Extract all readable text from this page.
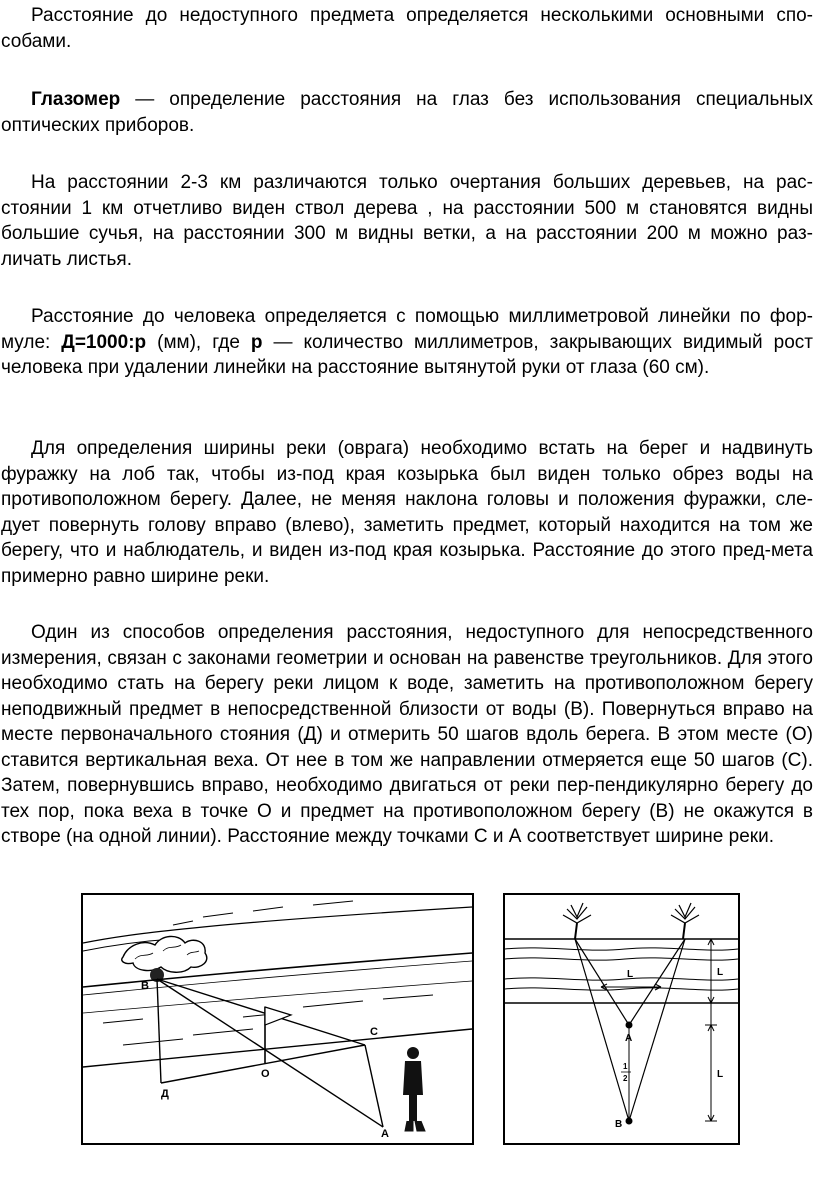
Расстояние до недоступного предмета определяется несколькими основными спо-собами.

Глазомер — определение расстояния на глаз без использования специальных оптических приборов.

На расстоянии 2-3 км различаются только очертания больших деревьев, на рас-стоянии 1 км отчетливо виден ствол дерева , на расстоянии 500 м становятся видны большие сучья, на расстоянии 300 м видны ветки, а на расстоянии 200 м можно раз-личать листья.

Расстояние до человека определяется с помощью миллиметровой линейки по фор-муле: Д=1000:р (мм), где р — количество миллиметров, закрывающих видимый рост человека при удалении линейки на расстояние вытянутой руки от глаза (60 см).

Для определения ширины реки (оврага) необходимо встать на берег и надвинуть фуражку на лоб так, чтобы из-под края козырька был виден только обрез воды на противоположном берегу. Далее, не меняя наклона головы и положения фуражки, сле-дует повернуть голову вправо (влево), заметить предмет, который находится на том же берегу, что и наблюдатель, и виден из-под края козырька. Расстояние до этого пред-мета примерно равно ширине реки.

Один из способов определения расстояния, недоступного для непосредственного измерения, связан с законами геометрии и основан на равенстве треугольников. Для этого необходимо стать на берегу реки лицом к воде, заметить на противоположном берегу неподвижный предмет в непосредственной близости от воды (В). Повернуться вправо на месте первоначального стояния (Д) и отмерить 50 шагов вдоль берега. В этом месте (О) ставится вертикальная веха. От нее в том же направлении отмеряется еще 50 шагов (С). Затем, повернувшись вправо, необходимо двигаться от реки пер-пендикулярно берегу до тех пор, пока веха в точке О и предмет на противоположном берегу (В) не окажутся в створе (на одной линии). Расстояние между точками С и А соответствует ширине реки.

B
C
O
Д
A
L	L
L
1
2
A
B
